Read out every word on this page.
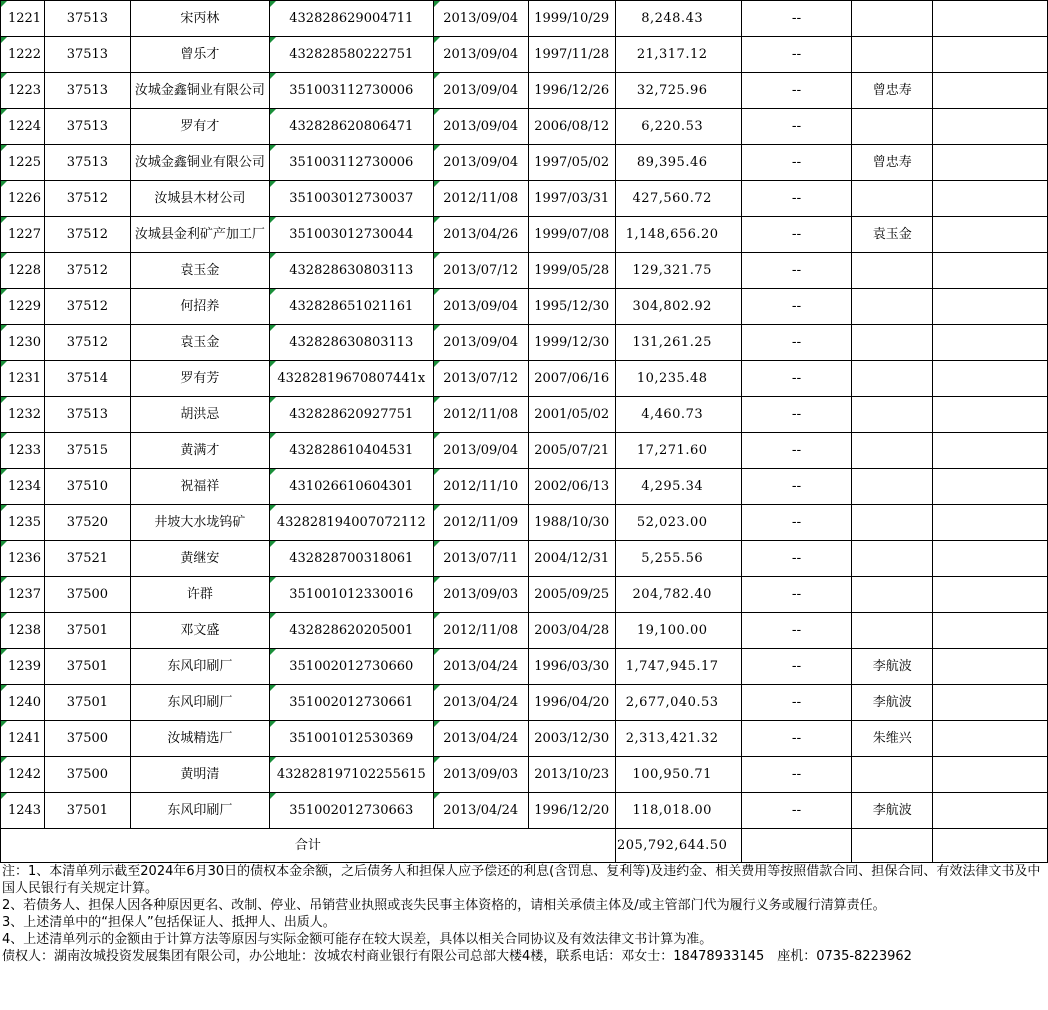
1221	37513	宋丙林	432828629004711	2013/09/04	1999/10/29	8,248.43	--		

1222	37513	曾乐才	432828580222751	2013/09/04	1997/11/28	21,317.12	--		

1223	37513	汝城金鑫铜业有限公司	351003112730006	2013/09/04	1996/12/26	32,725.96	--	曾忠寿	

1224	37513	罗有才	432828620806471	2013/09/04	2006/08/12	6,220.53	--		

1225	37513	汝城金鑫铜业有限公司	351003112730006	2013/09/04	1997/05/02	89,395.46	--	曾忠寿	

1226	37512	汝城县木材公司	351003012730037	2012/11/08	1997/03/31	427,560.72	--		

1227	37512	汝城县金利矿产加工厂	351003012730044	2013/04/26	1999/07/08	1,148,656.20	--	袁玉金	

1228	37512	袁玉金	432828630803113	2013/07/12	1999/05/28	129,321.75	--		

1229	37512	何招养	432828651021161	2013/09/04	1995/12/30	304,802.92	--		

1230	37512	袁玉金	432828630803113	2013/09/04	1999/12/30	131,261.25	--		

1231	37514	罗有芳	43282819670807441x	2013/07/12	2007/06/16	10,235.48	--		

1232	37513	胡洪忌	432828620927751	2012/11/08	2001/05/02	4,460.73	--		

1233	37515	黄满才	432828610404531	2013/09/04	2005/07/21	17,271.60	--		

1234	37510	祝福祥	431026610604301	2012/11/10	2002/06/13	4,295.34	--		

1235	37520	井坡大水垅钨矿	432828194007072112	2012/11/09	1988/10/30	52,023.00	--		

1236	37521	黄继安	432828700318061	2013/07/11	2004/12/31	5,255.56	--		

1237	37500	许群	351001012330016	2013/09/03	2005/09/25	204,782.40	--		

1238	37501	邓文盛	432828620205001	2012/11/08	2003/04/28	19,100.00	--		

1239	37501	东风印刷厂	351002012730660	2013/04/24	1996/03/30	1,747,945.17	--	李航波	

1240	37501	东风印刷厂	351002012730661	2013/04/24	1996/04/20	2,677,040.53	--	李航波	

1241	37500	汝城精选厂	351001012530369	2013/04/24	2003/12/30	2,313,421.32	--	朱维兴	

1242	37500	黄明清	432828197102255615	2013/09/03	2013/10/23	100,950.71	--		

1243	37501	东风印刷厂	351002012730663	2013/04/24	1996/12/20	118,018.00	--	李航波	
合计						205,792,644.50			
注：1、本清单列示截至2024年6月30日的债权本金余额，之后债务人和担保人应予偿还的利息(含罚息、复利等)及违约金、相关费用等按照借款合同、担保合同、有效法律文书及中国人民银行有关规定计算。
2、若债务人、担保人因各种原因更名、改制、停业、吊销营业执照或丧失民事主体资格的，请相关承债主体及/或主管部门代为履行义务或履行清算责任。
3、上述清单中的“担保人”包括保证人、抵押人、出质人。
4、上述清单列示的金额由于计算方法等原因与实际金额可能存在较大误差，具体以相关合同协议及有效法律文书计算为准。
债权人：湖南汝城投资发展集团有限公司，办公地址：汝城农村商业银行有限公司总部大楼4楼，联系电话：邓女士：18478933145　座机：0735-8223962
